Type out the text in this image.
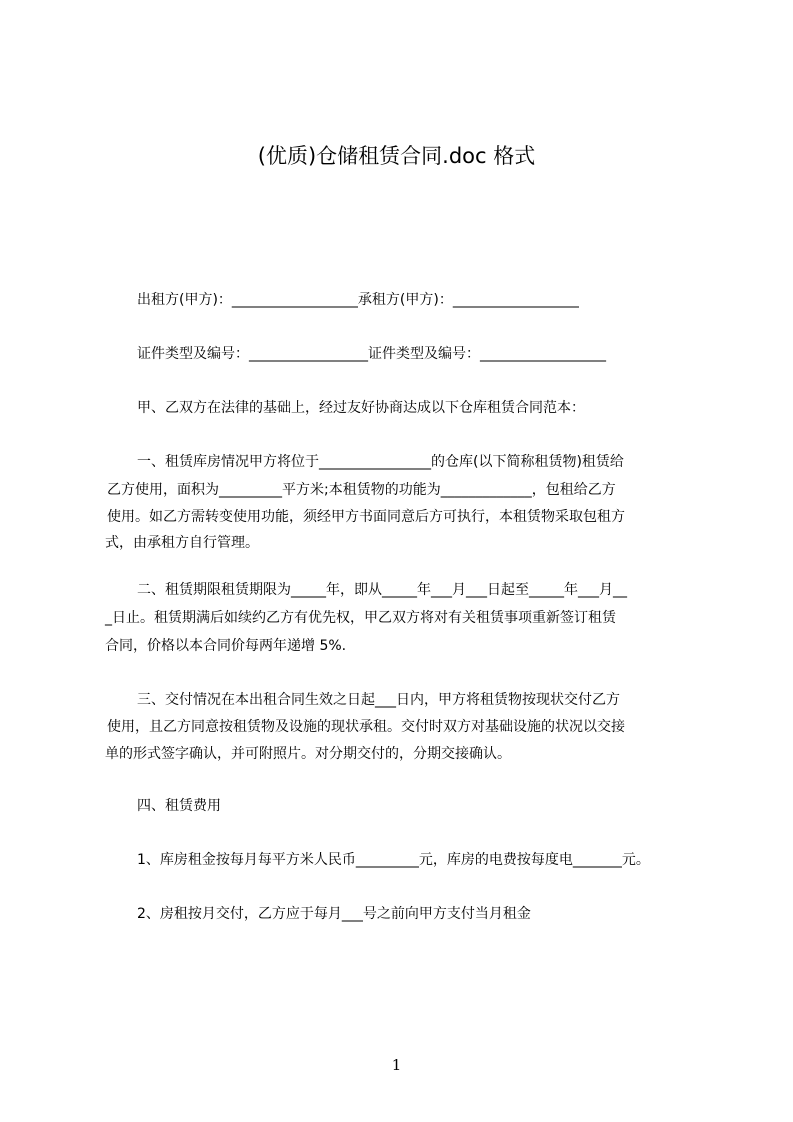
(优质)仓储租赁合同.doc 格式
出租方(甲方)：__________________承租方(甲方)：__________________
证件类型及编号：_________________证件类型及编号：__________________
甲、乙双方在法律的基础上，经过友好协商达成以下仓库租赁合同范本：
一、租赁库房情况甲方将位于________________的仓库(以下简称租赁物)租赁给
乙方使用，面积为_________平方米;本租赁物的功能为_____________，包租给乙方
使用。如乙方需转变使用功能，须经甲方书面同意后方可执行，本租赁物采取包租方
式，由承租方自行管理。
二、租赁期限租赁期限为_____年，即从_____年___月___日起至_____年___月__
_日止。租赁期满后如续约乙方有优先权，甲乙双方将对有关租赁事项重新签订租赁
合同，价格以本合同价每两年递增 5%.
三、交付情况在本出租合同生效之日起___日内，甲方将租赁物按现状交付乙方
使用，且乙方同意按租赁物及设施的现状承租。交付时双方对基础设施的状况以交接
单的形式签字确认，并可附照片。对分期交付的，分期交接确认。
四、租赁费用
1、库房租金按每月每平方米人民币_________元，库房的电费按每度电_______元。
2、房租按月交付，乙方应于每月___号之前向甲方支付当月租金
1
